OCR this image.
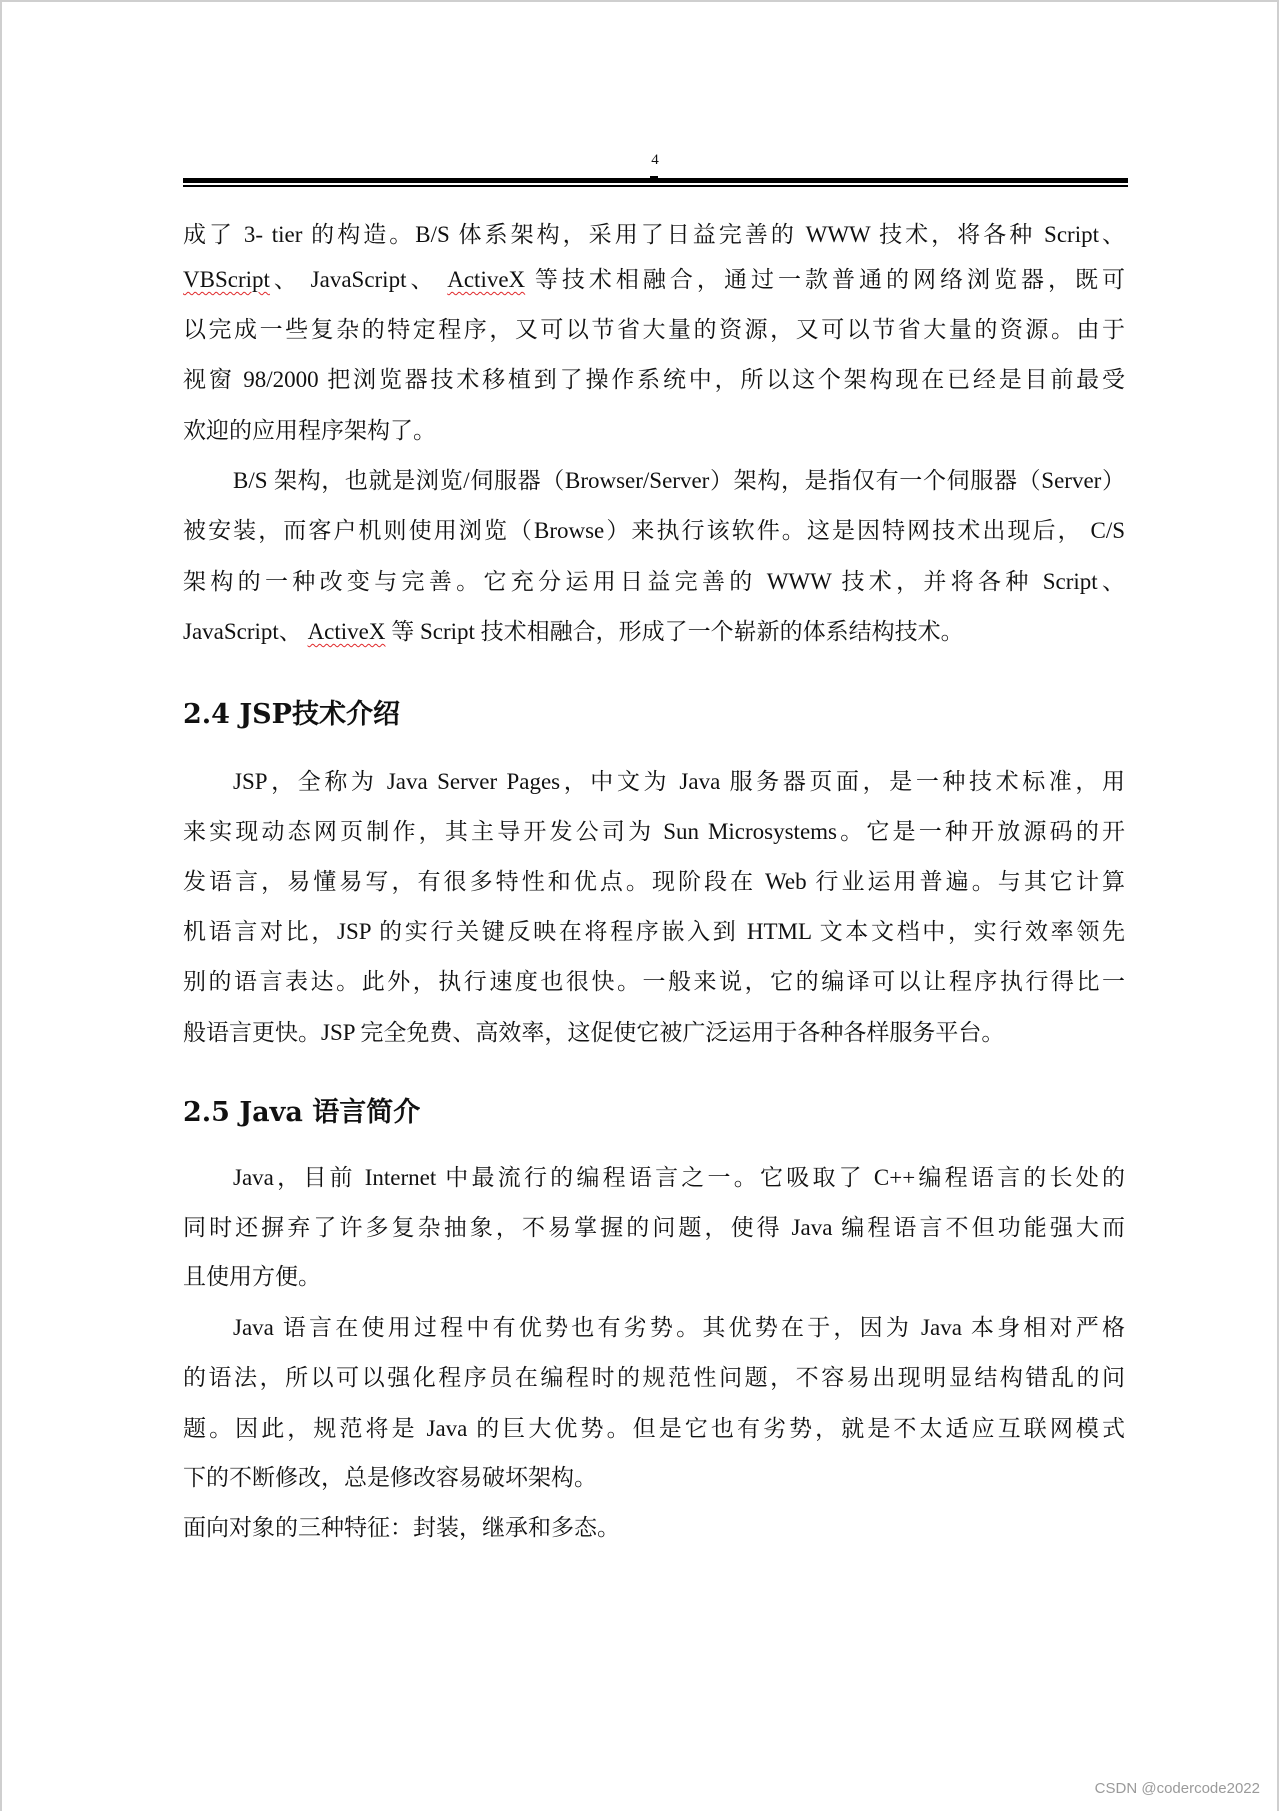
4
成了 3- tier 的构造。B/S 体系架构，采用了日益完善的 WWW 技术，将各种 Script、
VBScript、 JavaScript、 ActiveX 等技术相融合，通过一款普通的网络浏览器，既可
以完成一些复杂的特定程序，又可以节省大量的资源，又可以节省大量的资源。由于
视窗 98/2000 把浏览器技术移植到了操作系统中，所以这个架构现在已经是目前最受
欢迎的应用程序架构了。
B/S 架构，也就是浏览/伺服器（Browser/Server）架构，是指仅有一个伺服器（Server）
被安装，而客户机则使用浏览（Browse）来执行该软件。这是因特网技术出现后， C/S
架构的一种改变与完善。它充分运用日益完善的 WWW 技术，并将各种 Script、
JavaScript、 ActiveX 等 Script 技术相融合，形成了一个崭新的体系结构技术。
2.4 JSP技术介绍
JSP，全称为 Java Server Pages，中文为 Java 服务器页面，是一种技术标准，用
来实现动态网页制作，其主导开发公司为 Sun Microsystems。它是一种开放源码的开
发语言，易懂易写，有很多特性和优点。现阶段在 Web 行业运用普遍。与其它计算
机语言对比，JSP 的实行关键反映在将程序嵌入到 HTML 文本文档中，实行效率领先
别的语言表达。此外，执行速度也很快。一般来说，它的编译可以让程序执行得比一
般语言更快。JSP 完全免费、高效率，这促使它被广泛运用于各种各样服务平台。
2.5 Java 语言简介
Java，目前 Internet 中最流行的编程语言之一。它吸取了 C++编程语言的长处的
同时还摒弃了许多复杂抽象，不易掌握的问题，使得 Java 编程语言不但功能强大而
且使用方便。
Java 语言在使用过程中有优势也有劣势。其优势在于，因为 Java 本身相对严格
的语法，所以可以强化程序员在编程时的规范性问题，不容易出现明显结构错乱的问
题。因此，规范将是 Java 的巨大优势。但是它也有劣势，就是不太适应互联网模式
下的不断修改，总是修改容易破坏架构。
面向对象的三种特征：封装，继承和多态。
CSDN @codercode2022
